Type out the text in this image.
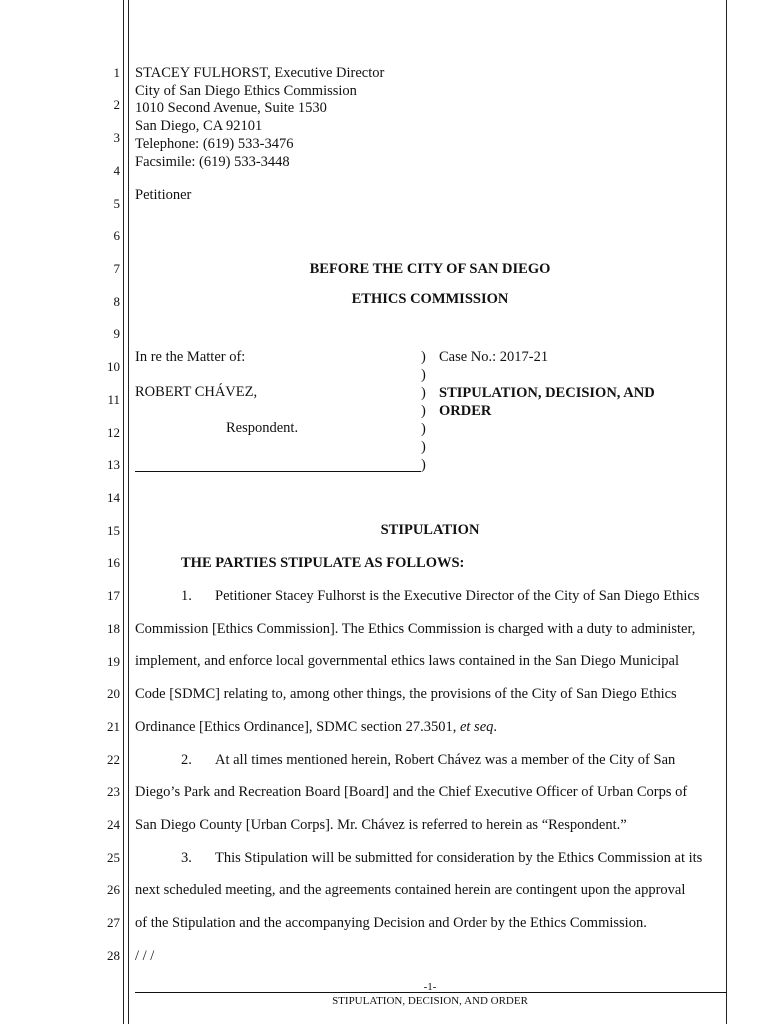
1
2
3
4
5
6
7
8
9
10
11
12
13
14
15
16
17
18
19
20
21
22
23
24
25
26
27
28
STACEY FULHORST, Executive Director
City of San Diego Ethics Commission
1010 Second Avenue, Suite 1530
San Diego, CA 92101
Telephone: (619) 533-3476
Facsimile: (619) 533-3448
Petitioner
BEFORE THE CITY OF SAN DIEGO
ETHICS COMMISSION
In re the Matter of:
ROBERT CHÁVEZ,
Respondent.
)
)
)
)
)
)
)
Case No.: 2017-21
STIPULATION, DECISION, AND
ORDER
STIPULATION
THE PARTIES STIPULATE AS FOLLOWS:
1. Petitioner Stacey Fulhorst is the Executive Director of the City of San Diego Ethics
Commission [Ethics Commission]. The Ethics Commission is charged with a duty to administer,
implement, and enforce local governmental ethics laws contained in the San Diego Municipal
Code [SDMC] relating to, among other things, the provisions of the City of San Diego Ethics
Ordinance [Ethics Ordinance], SDMC section 27.3501, et seq.
2. At all times mentioned herein, Robert Chávez was a member of the City of San
Diego’s Park and Recreation Board [Board] and the Chief Executive Officer of Urban Corps of
San Diego County [Urban Corps]. Mr. Chávez is referred to herein as “Respondent.”
3. This Stipulation will be submitted for consideration by the Ethics Commission at its
next scheduled meeting, and the agreements contained herein are contingent upon the approval
of the Stipulation and the accompanying Decision and Order by the Ethics Commission.
/ / /
-1-
STIPULATION, DECISION, AND ORDER
